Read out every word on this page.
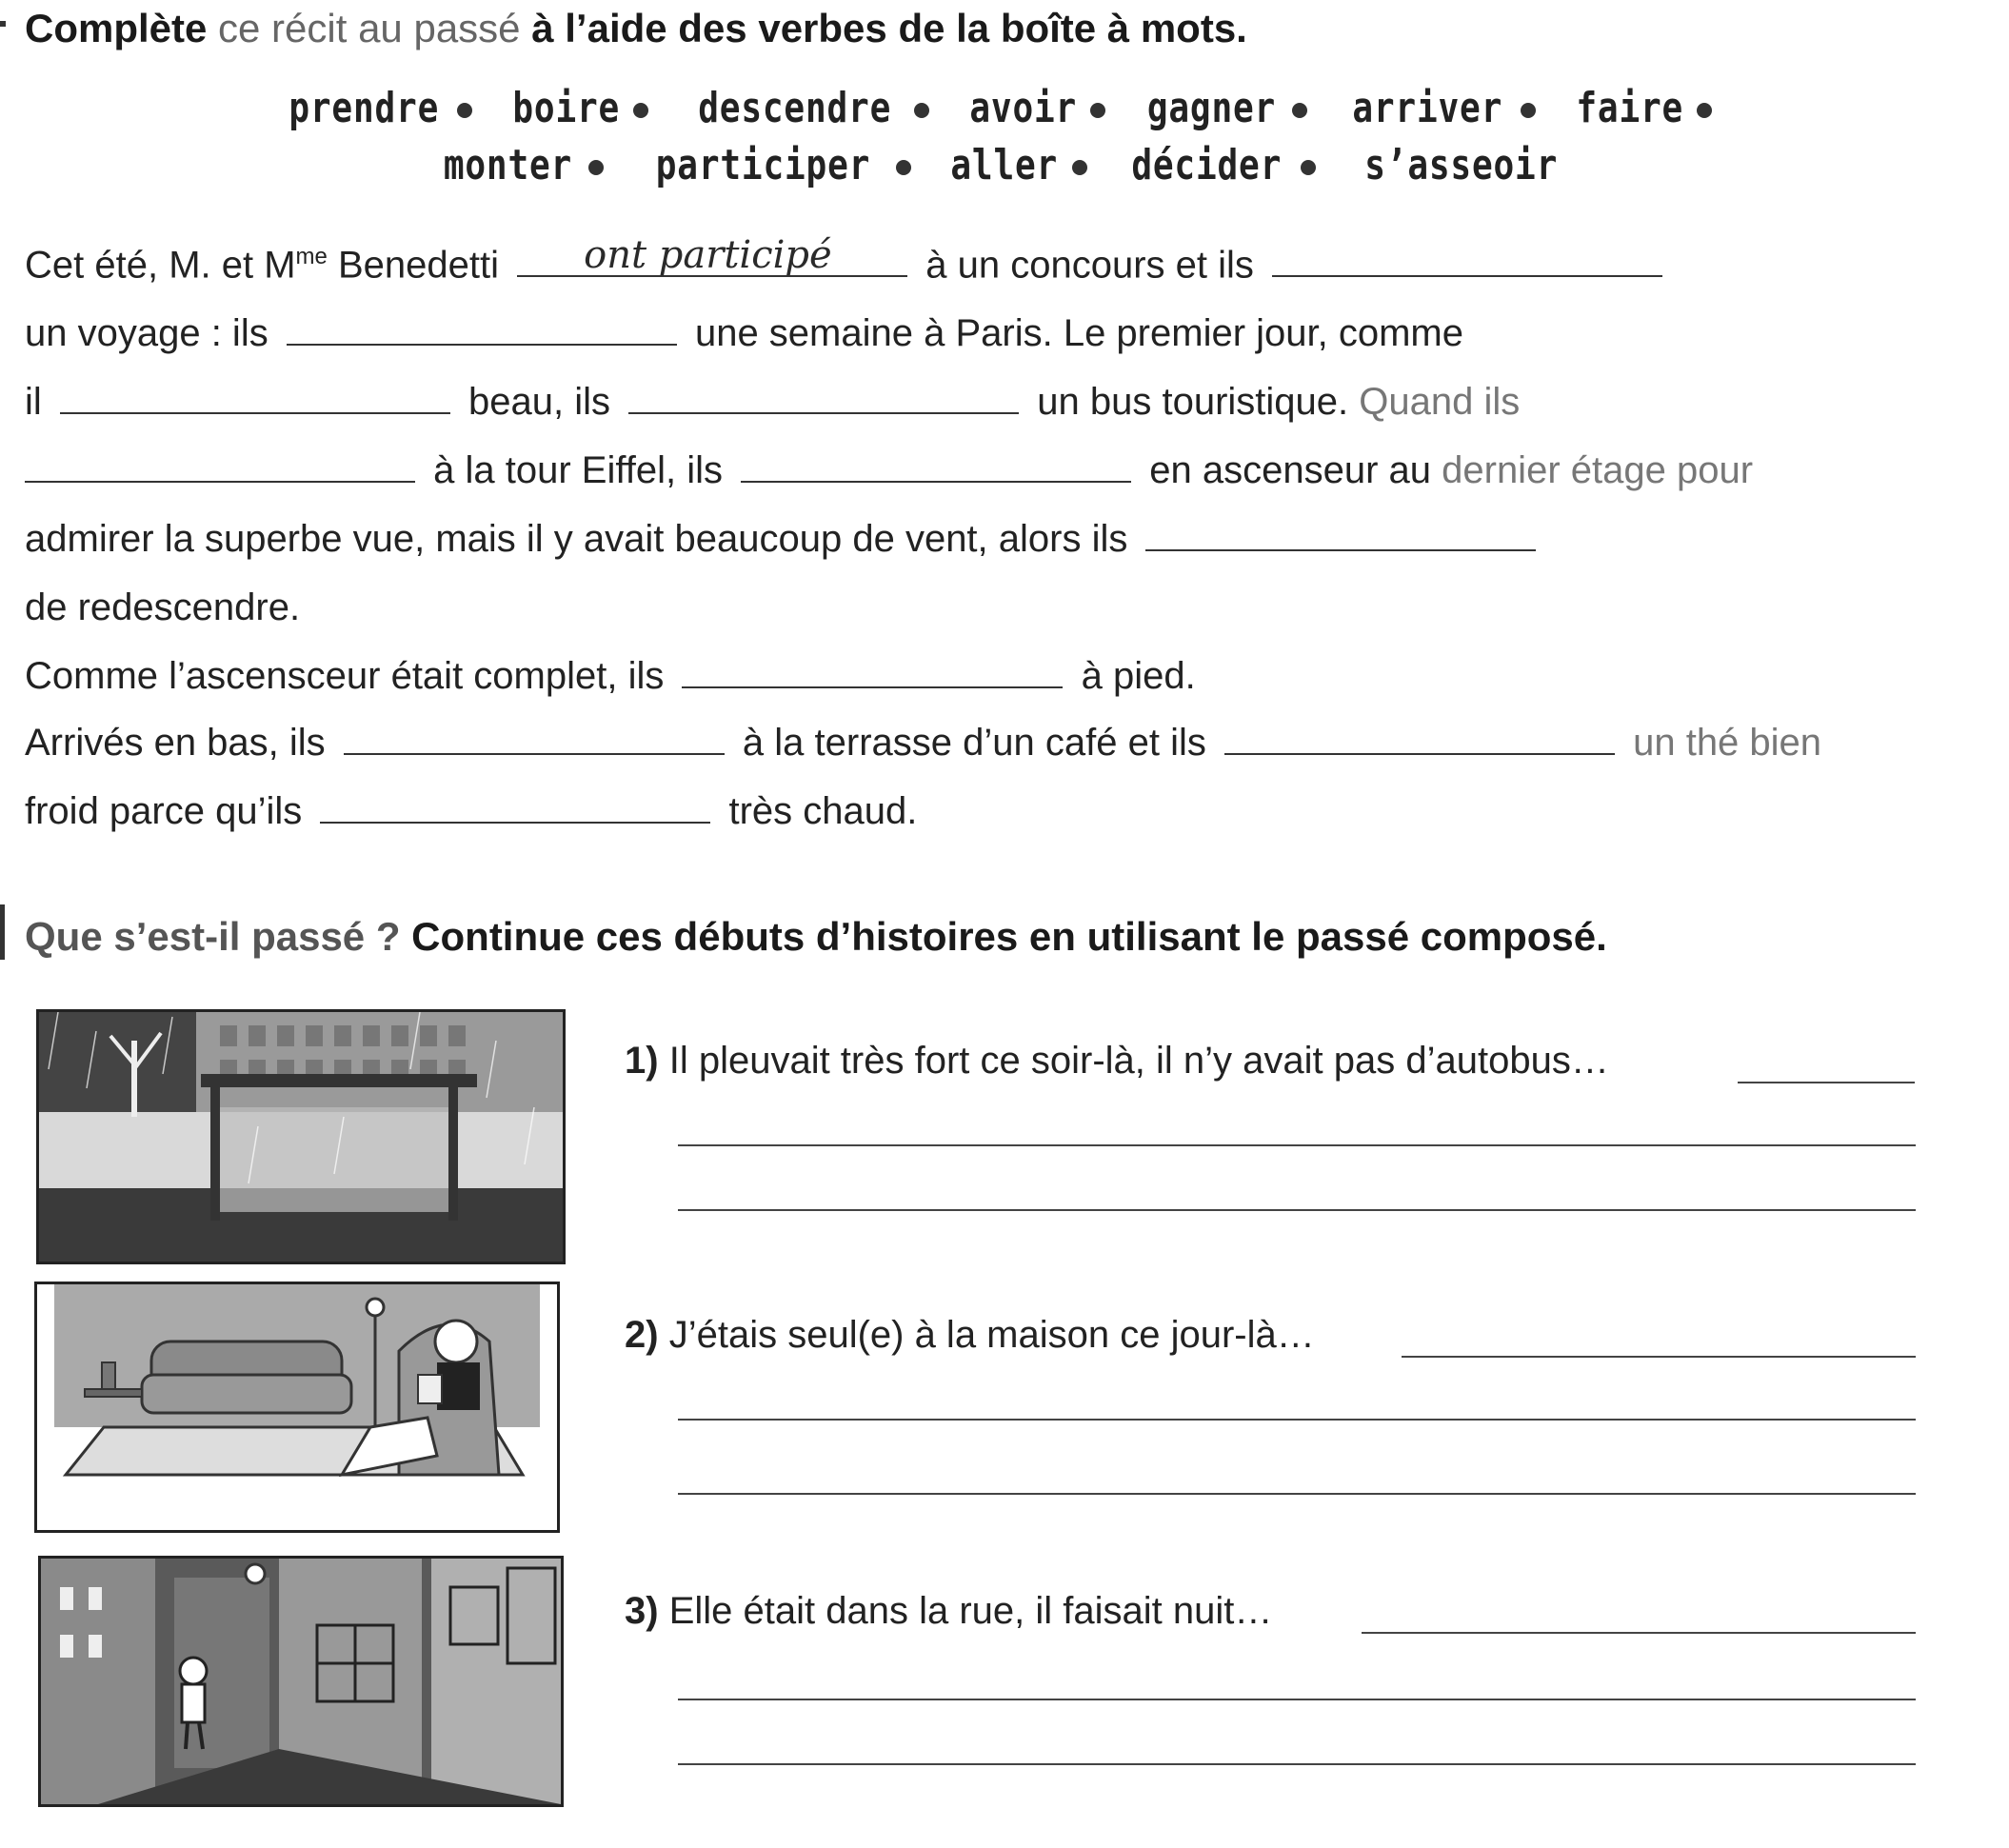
Complète ce récit au passé à l’aide des verbes de la boîte à mots.
prendre boire descendre avoir gagner arriver faire
monter participer aller décider s’asseoir
Cet été, M. et $M^{me}$ Benedetti ont participé à un concours et ils
un voyage : ils	une semaine à Paris. Le premier jour, comme
il	beau, ils	un bus touristique. Quand ils
à la tour Eiffel, ils	en ascenseur au dernier étage pour
admirer la superbe vue, mais il y avait beaucoup de vent, alors ils
de redescendre.
Comme l’ascensceur était complet, ils	à pied.
Arrivés en bas, ils	à la terrasse d’un café et ils	un thé bien
froid parce qu’ils	très chaud.
Que s’est-il passé ? Continue ces débuts d’histoires en utilisant le passé composé.
1) Il pleuvait très fort ce soir-là, il n’y avait pas d’autobus…
2) J’étais seul(e) à la maison ce jour-là…
3) Elle était dans la rue, il faisait nuit…
